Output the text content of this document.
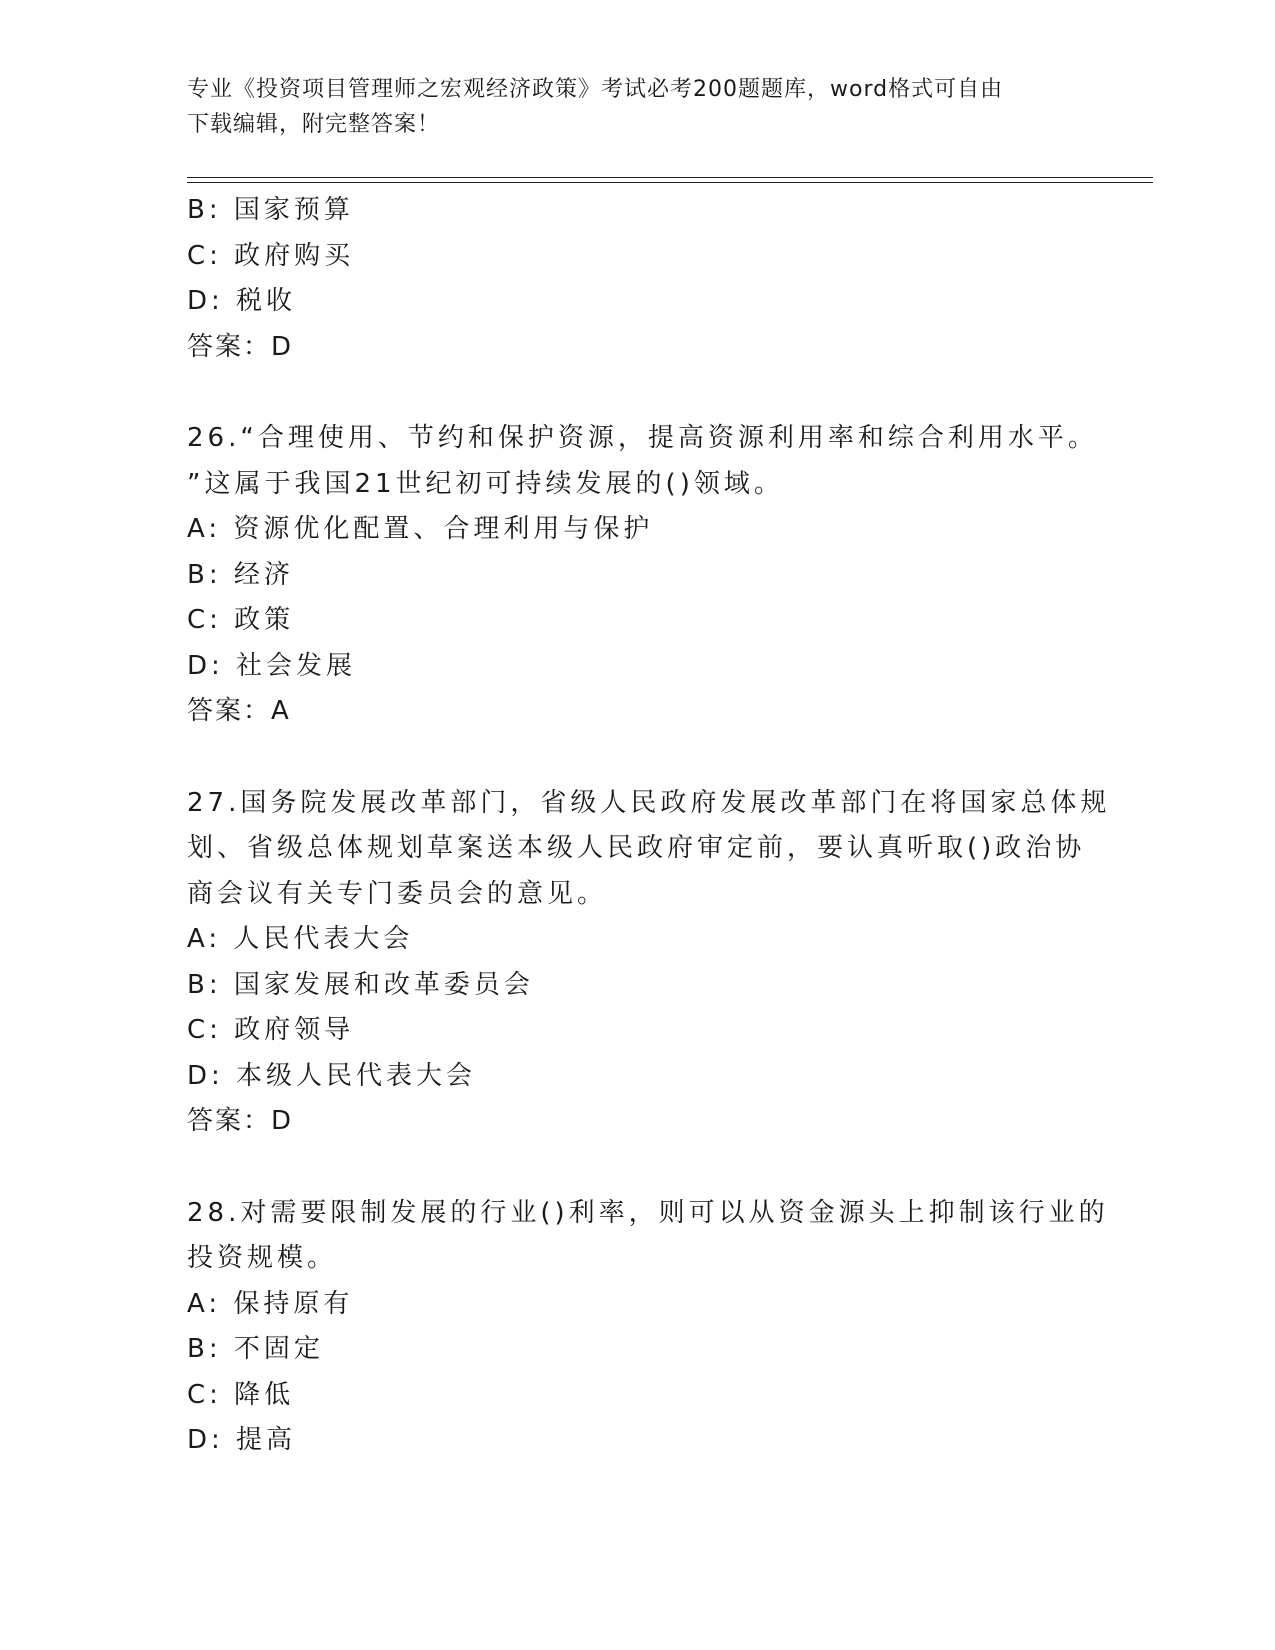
专业《投资项目管理师之宏观经济政策》考试必考200题题库，word格式可自由
下载编辑，附完整答案！
B: 国家预算
C: 政府购买
D: 税收
答案：D
26.“合理使用、节约和保护资源，提高资源利用率和综合利用水平。
”这属于我国21世纪初可持续发展的()领域。
A: 资源优化配置、合理利用与保护
B: 经济
C: 政策
D: 社会发展
答案：A
27.国务院发展改革部门，省级人民政府发展改革部门在将国家总体规
划、省级总体规划草案送本级人民政府审定前，要认真听取()政治协
商会议有关专门委员会的意见。
A: 人民代表大会
B: 国家发展和改革委员会
C: 政府领导
D: 本级人民代表大会
答案：D
28.对需要限制发展的行业()利率，则可以从资金源头上抑制该行业的
投资规模。
A: 保持原有
B: 不固定
C: 降低
D: 提高
